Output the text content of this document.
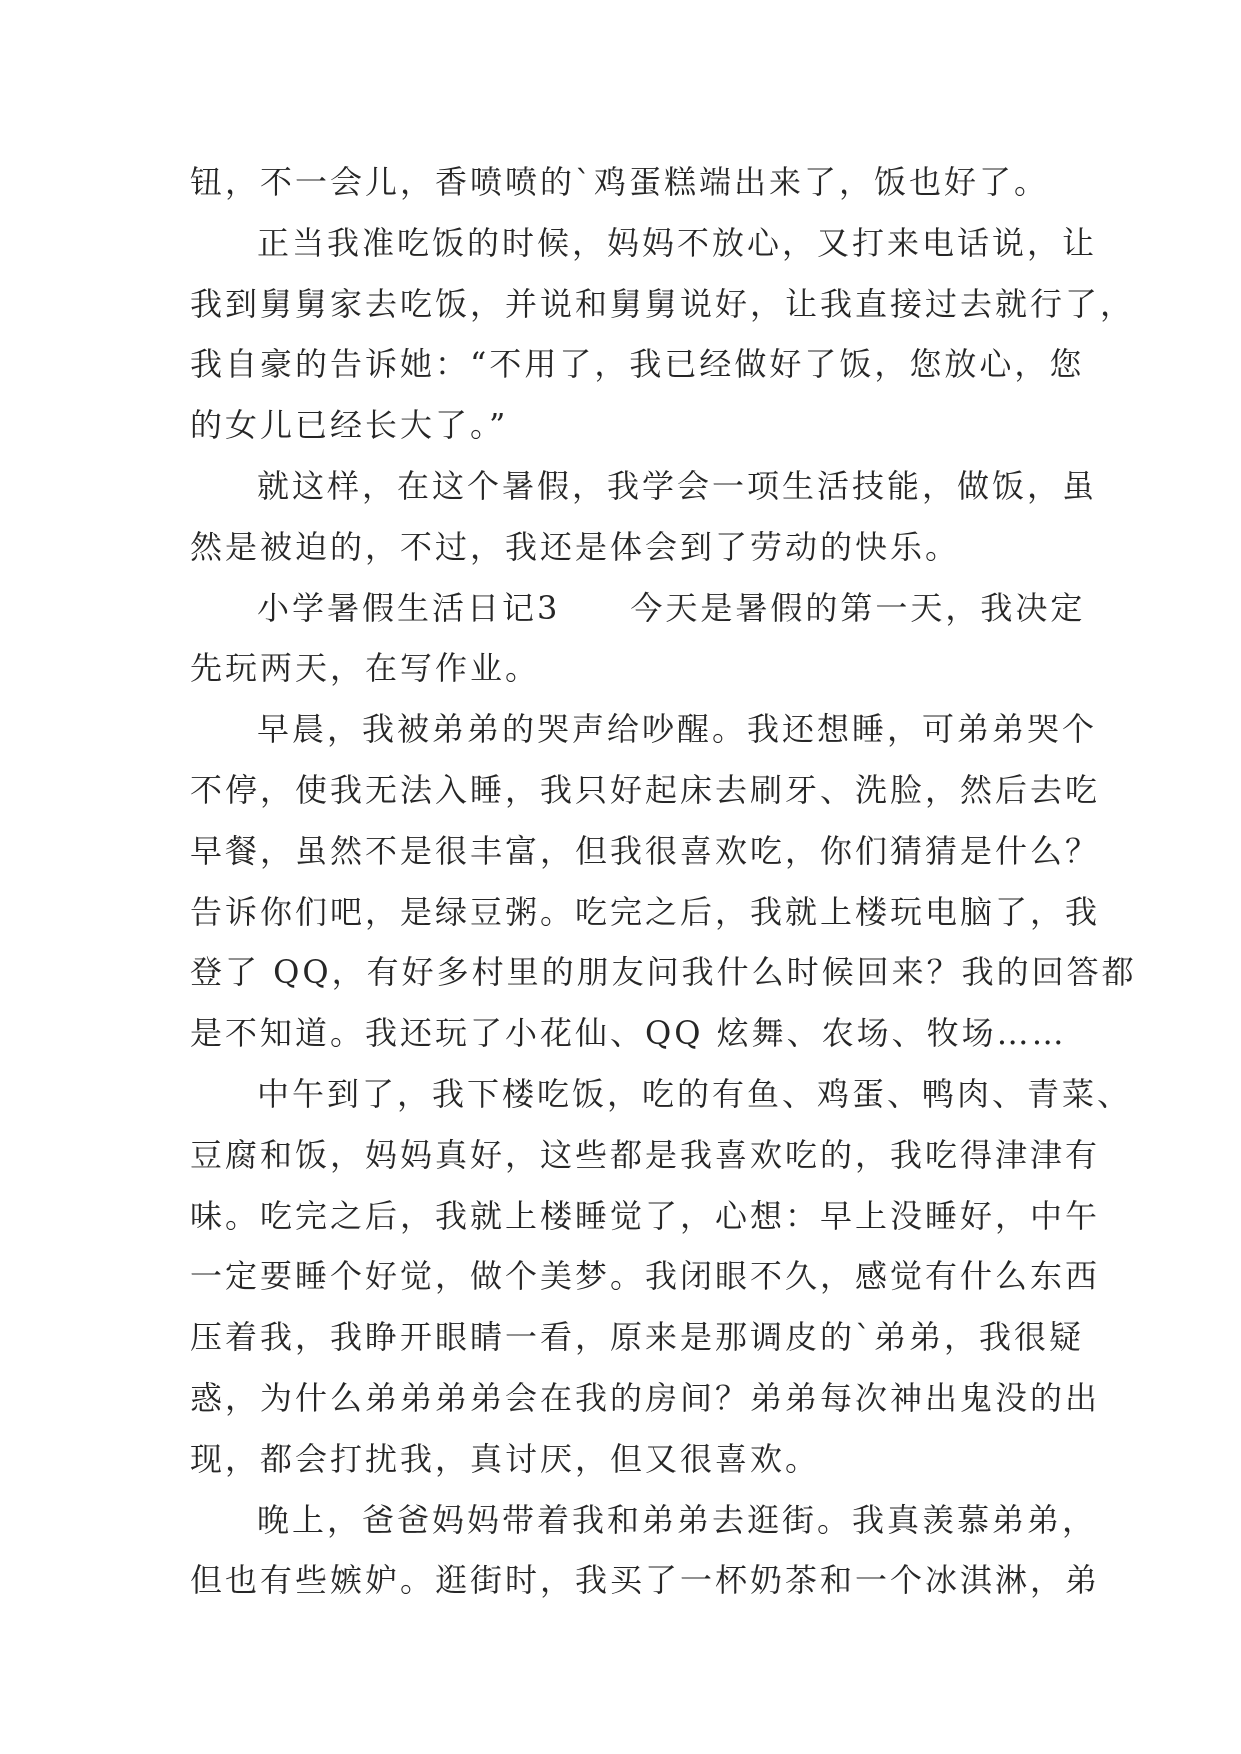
钮，不一会儿，香喷喷的`鸡蛋糕端出来了，饭也好了。
正当我准吃饭的时候，妈妈不放心，又打来电话说，让
我到舅舅家去吃饭，并说和舅舅说好，让我直接过去就行了，
我自豪的告诉她：“不用了，我已经做好了饭，您放心，您
的女儿已经长大了。”
就这样，在这个暑假，我学会一项生活技能，做饭，虽
然是被迫的，不过，我还是体会到了劳动的快乐。
小学暑假生活日记3　　今天是暑假的第一天，我决定
先玩两天，在写作业。
早晨，我被弟弟的哭声给吵醒。我还想睡，可弟弟哭个
不停，使我无法入睡，我只好起床去刷牙、洗脸，然后去吃
早餐，虽然不是很丰富，但我很喜欢吃，你们猜猜是什么？
告诉你们吧，是绿豆粥。吃完之后，我就上楼玩电脑了，我
登了 QQ，有好多村里的朋友问我什么时候回来？我的回答都
是不知道。我还玩了小花仙、QQ 炫舞、农场、牧场……
中午到了，我下楼吃饭，吃的有鱼、鸡蛋、鸭肉、青菜、
豆腐和饭，妈妈真好，这些都是我喜欢吃的，我吃得津津有
味。吃完之后，我就上楼睡觉了，心想：早上没睡好，中午
一定要睡个好觉，做个美梦。我闭眼不久，感觉有什么东西
压着我，我睁开眼睛一看，原来是那调皮的`弟弟，我很疑
惑，为什么弟弟弟弟会在我的房间？弟弟每次神出鬼没的出
现，都会打扰我，真讨厌，但又很喜欢。
晚上，爸爸妈妈带着我和弟弟去逛街。我真羡慕弟弟，
但也有些嫉妒。逛街时，我买了一杯奶茶和一个冰淇淋，弟
